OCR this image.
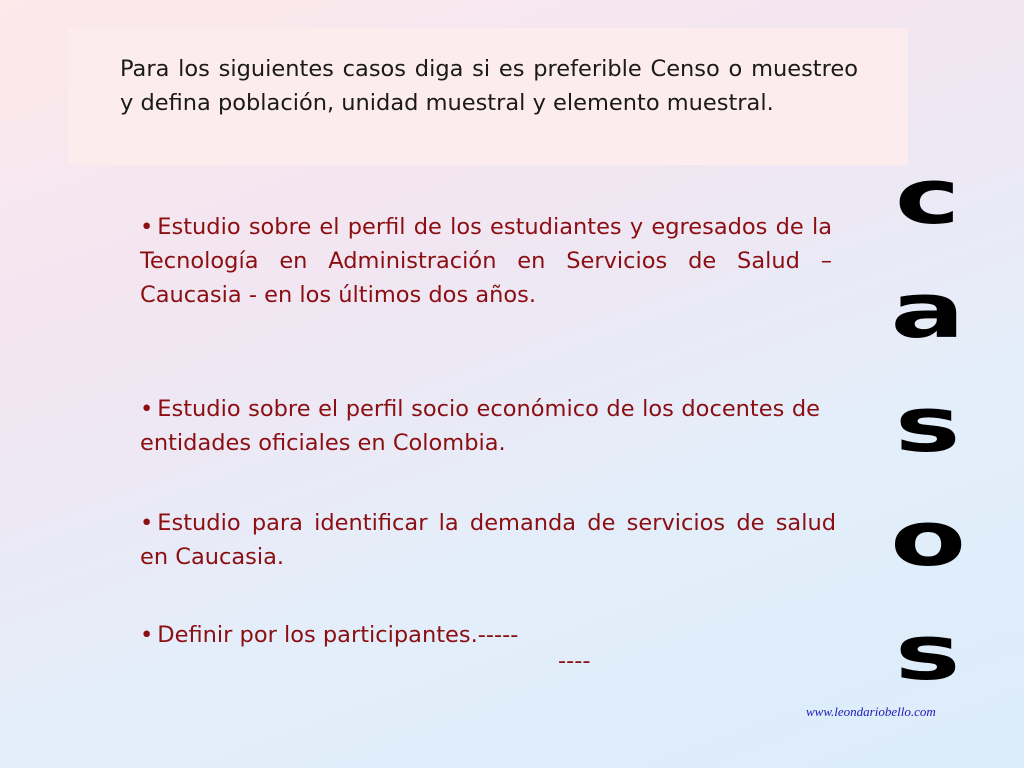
Para los siguientes casos diga si es preferible Censo o muestreo y defina población, unidad muestral y elemento muestral.

• Estudio sobre el perfil de los estudiantes y egresados de la Tecnología en Administración en Servicios de Salud – Caucasia - en los últimos dos años.

• Estudio sobre el perfil socio económico de los docentes de entidades oficiales en Colombia.

• Estudio para identificar la demanda de servicios de salud en Caucasia.

• Definir por los participantes.-----

----
c
a
s
o
s
www.leondariobello.com
